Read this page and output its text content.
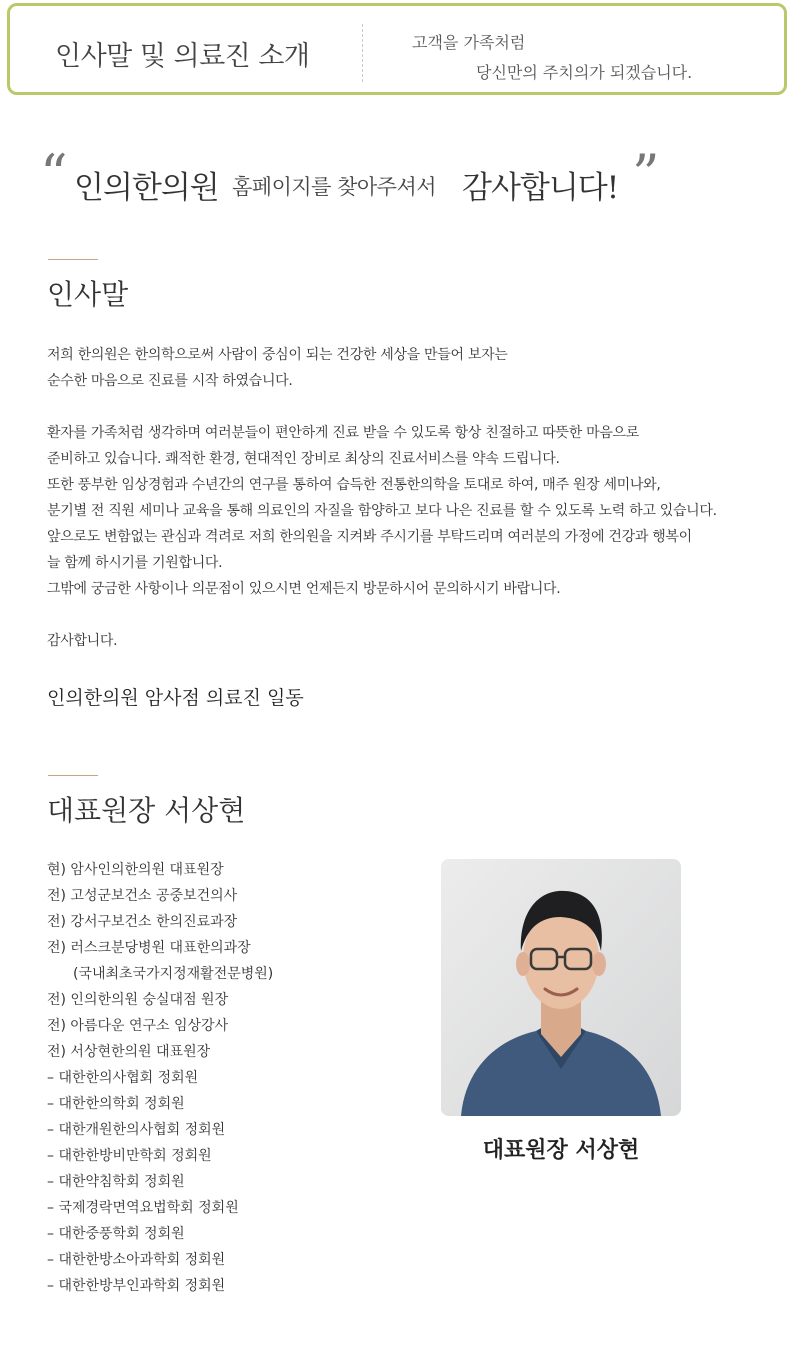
인사말 및 의료진 소개	고객을 가족처럼
당신만의 주치의가 되겠습니다.
“ 인의한의원 홈페이지를 찾아주셔서 감사합니다! ”
인사말

저희 한의원은 한의학으로써 사람이 중심이 되는 건강한 세상을 만들어 보자는

순수한 마음으로 진료를 시작 하였습니다.

환자를 가족처럼 생각하며 여러분들이 편안하게 진료 받을 수 있도록 항상 친절하고 따뜻한 마음으로

준비하고 있습니다. 쾌적한 환경, 현대적인 장비로 최상의 진료서비스를 약속 드립니다.

또한 풍부한 임상경험과 수년간의 연구를 통하여 습득한 전통한의학을 토대로 하여, 매주 원장 세미나와,

분기별 전 직원 세미나 교육을 통해 의료인의 자질을 함양하고 보다 나은 진료를 할 수 있도록 노력 하고 있습니다.

앞으로도 변함없는 관심과 격려로 저희 한의원을 지켜봐 주시기를 부탁드리며 여러분의 가정에 건강과 행복이

늘 함께 하시기를 기원합니다.

그밖에 궁금한 사항이나 의문점이 있으시면 언제든지 방문하시어 문의하시기 바랍니다.

감사합니다.

인의한의원 암사점 의료진 일동
대표원장 서상현
현) 암사인의한의원 대표원장
전) 고성군보건소 공중보건의사
전) 강서구보건소 한의진료과장
전) 러스크분당병원 대표한의과장
(국내최초국가지정재활전문병원)
전) 인의한의원 숭실대점 원장
전) 아름다운 연구소 임상강사
전) 서상현한의원 대표원장
– 대한한의사협회 정회원
– 대한한의학회 정회원
– 대한개원한의사협회 정회원
– 대한한방비만학회 정회원
– 대한약침학회 정회원
– 국제경락면역요법학회 정회원
– 대한중풍학회 정회원
– 대한한방소아과학회 정회원
– 대한한방부인과학회 정회원
대표원장 서상현
